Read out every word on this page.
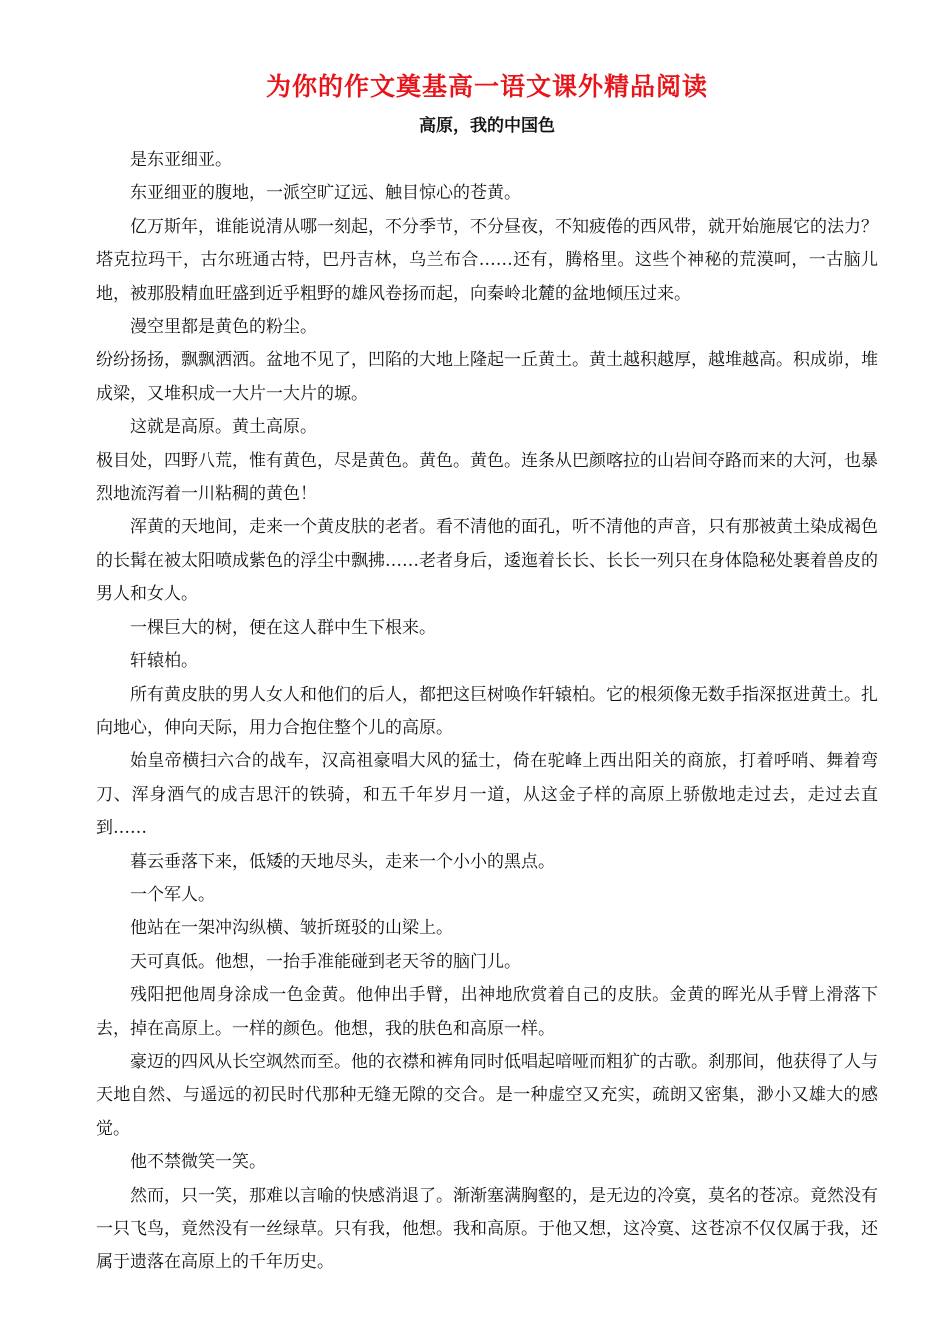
为你的作文奠基高一语文课外精品阅读
高原，我的中国色

是东亚细亚。

东亚细亚的腹地，一派空旷辽远、触目惊心的苍黄。

亿万斯年，谁能说清从哪一刻起，不分季节，不分昼夜，不知疲倦的西风带，就开始施展它的法力？塔克拉玛干，古尔班通古特，巴丹吉林，乌兰布合……还有，腾格里。这些个神秘的荒漠呵，一古脑儿地，被那股精血旺盛到近乎粗野的雄风卷扬而起，向秦岭北麓的盆地倾压过来。

漫空里都是黄色的粉尘。

纷纷扬扬，飘飘洒洒。盆地不见了，凹陷的大地上隆起一丘黄土。黄土越积越厚，越堆越高。积成峁，堆成梁，又堆积成一大片一大片的塬。

这就是高原。黄土高原。

极目处，四野八荒，惟有黄色，尽是黄色。黄色。黄色。连条从巴颜喀拉的山岩间夺路而来的大河，也暴烈地流泻着一川粘稠的黄色！

浑黄的天地间，走来一个黄皮肤的老者。看不清他的面孔，听不清他的声音，只有那被黄土染成褐色的长髯在被太阳喷成紫色的浮尘中飘拂……老者身后，逶迤着长长、长长一列只在身体隐秘处裹着兽皮的男人和女人。

一棵巨大的树，便在这人群中生下根来。

轩辕柏。

所有黄皮肤的男人女人和他们的后人，都把这巨树唤作轩辕柏。它的根须像无数手指深抠进黄土。扎向地心，伸向天际，用力合抱住整个儿的高原。

始皇帝横扫六合的战车，汉高祖豪唱大风的猛士，倚在驼峰上西出阳关的商旅，打着呼哨、舞着弯刀、浑身酒气的成吉思汗的铁骑，和五千年岁月一道，从这金子样的高原上骄傲地走过去，走过去直到……

暮云垂落下来，低矮的天地尽头，走来一个小小的黑点。

一个军人。

他站在一架冲沟纵横、皱折斑驳的山梁上。

天可真低。他想，一抬手准能碰到老天爷的脑门儿。

残阳把他周身涂成一色金黄。他伸出手臂，出神地欣赏着自己的皮肤。金黄的晖光从手臂上滑落下去，掉在高原上。一样的颜色。他想，我的肤色和高原一样。

豪迈的四风从长空飒然而至。他的衣襟和裤角同时低唱起喑哑而粗犷的古歌。刹那间，他获得了人与天地自然、与遥远的初民时代那种无缝无隙的交合。是一种虚空又充实，疏朗又密集，渺小又雄大的感觉。

他不禁微笑一笑。

然而，只一笑，那难以言喻的快感消退了。渐渐塞满胸壑的，是无边的冷寞，莫名的苍凉。竟然没有一只飞鸟，竟然没有一丝绿草。只有我，他想。我和高原。于他又想，这冷寞、这苍凉不仅仅属于我，还属于遗落在高原上的千年历史。
